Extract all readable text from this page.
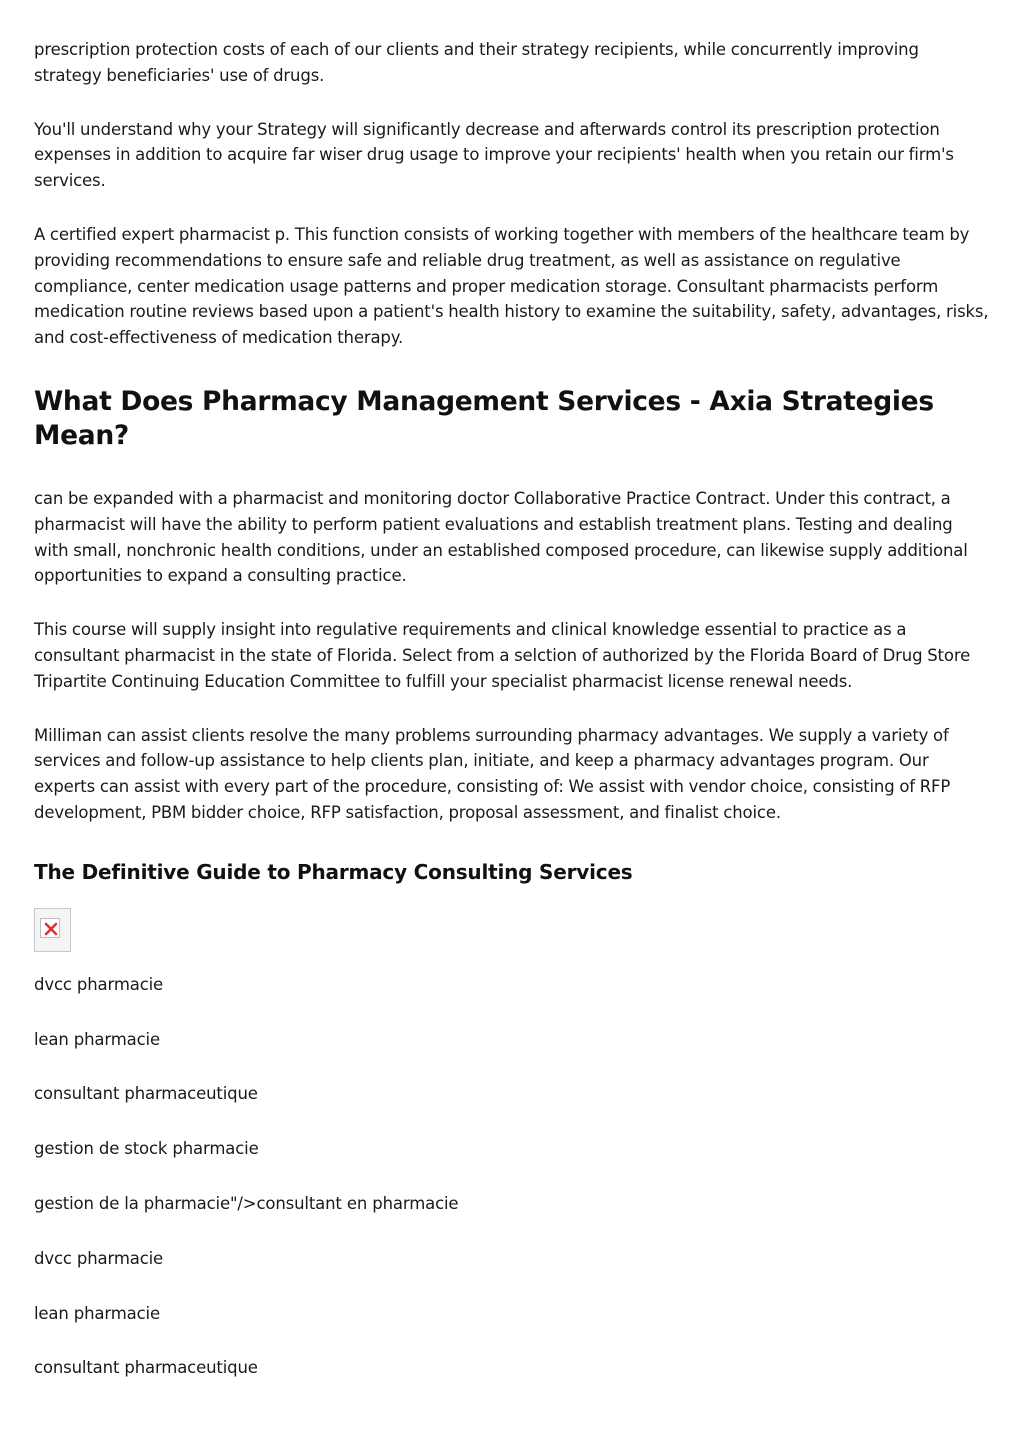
prescription protection costs of each of our clients and their strategy recipients, while concurrently improving strategy beneficiaries' use of drugs.

You'll understand why your Strategy will significantly decrease and afterwards control its prescription protection expenses in addition to acquire far wiser drug usage to improve your recipients' health when you retain our firm's services.

A certified expert pharmacist p. This function consists of working together with members of the healthcare team by providing recommendations to ensure safe and reliable drug treatment, as well as assistance on regulative compliance, center medication usage patterns and proper medication storage. Consultant pharmacists perform medication routine reviews based upon a patient's health history to examine the suitability, safety, advantages, risks, and cost-effectiveness of medication therapy.

What Does Pharmacy Management Services - Axia Strategies Mean?

can be expanded with a pharmacist and monitoring doctor Collaborative Practice Contract. Under this contract, a pharmacist will have the ability to perform patient evaluations and establish treatment plans. Testing and dealing with small, nonchronic health conditions, under an established composed procedure, can likewise supply additional opportunities to expand a consulting practice.

This course will supply insight into regulative requirements and clinical knowledge essential to practice as a consultant pharmacist in the state of Florida. Select from a selction of authorized by the Florida Board of Drug Store Tripartite Continuing Education Committee to fulfill your specialist pharmacist license renewal needs.

Milliman can assist clients resolve the many problems surrounding pharmacy advantages. We supply a variety of services and follow-up assistance to help clients plan, initiate, and keep a pharmacy advantages program. Our experts can assist with every part of the procedure, consisting of: We assist with vendor choice, consisting of RFP development, PBM bidder choice, RFP satisfaction, proposal assessment, and finalist choice.

The Definitive Guide to Pharmacy Consulting Services
dvcc pharmacie
lean pharmacie
consultant pharmaceutique
gestion de stock pharmacie
gestion de la pharmacie"/>consultant en pharmacie
dvcc pharmacie
lean pharmacie
consultant pharmaceutique
